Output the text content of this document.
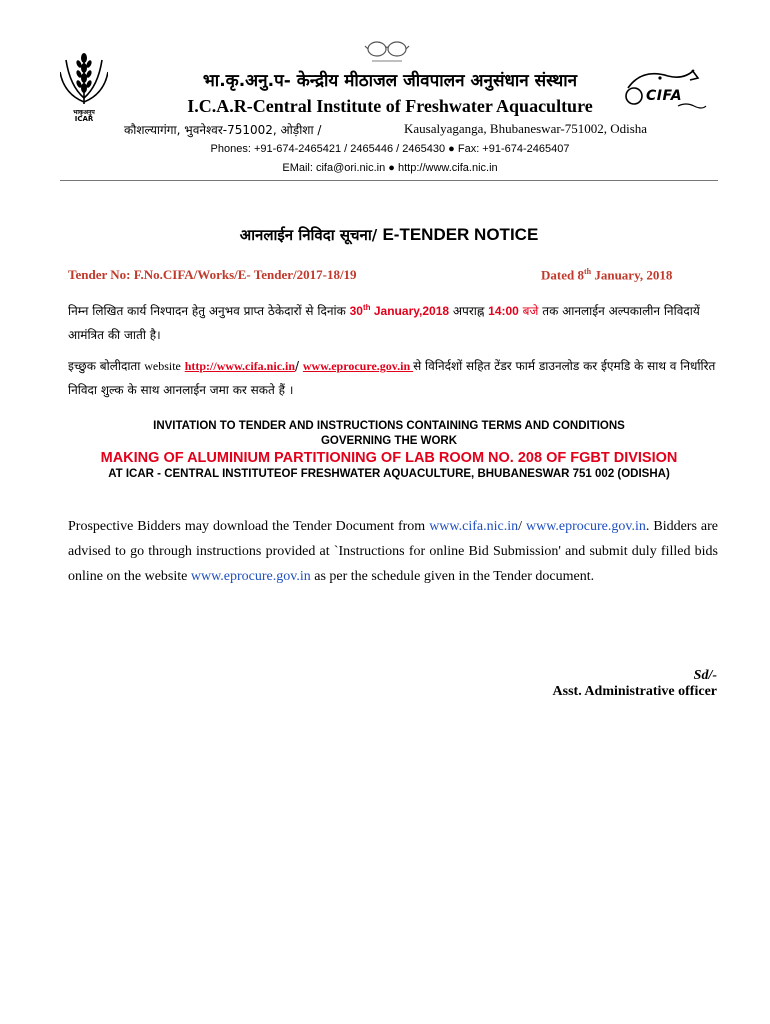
भाकृअनुप
ICAR
CIFA
भा.कृ.अनु.प- केन्द्रीय मीठाजल जीवपालन अनुसंधान संस्थान
I.C.A.R-Central Institute of Freshwater Aquaculture
कौशल्यागंगा, भुवनेश्वर-751002, ओड़ीशा /	Kausalyaganga, Bhubaneswar-751002, Odisha
Phones: +91-674-2465421 / 2465446 / 2465430 ● Fax: +91-674-2465407
EMail: cifa@ori.nic.in ● http://www.cifa.nic.in
आनलाईन निविदा सूचना/ E-TENDER NOTICE
Tender No: F.No.CIFA/Works/E- Tender/2017-18/19	Dated 8th January, 2018
निम्न लिखित कार्य निश्पादन हेतु अनुभव प्राप्त ठेकेदारों से दिनांक 30th January,2018 अपराह्न 14:00 बजे तक आनलाईन अल्पकालीन निविदायें आमंत्रित की जाती है।
इच्छुक बोलीदाता website http://www.cifa.nic.in/ www.eprocure.gov.in से विनिर्दशों सहित टेंडर फार्म डाउनलोड कर ईएमडि के साथ व निर्धारित निविदा शुल्क के साथ आनलाईन जमा कर सकते हैं ।
INVITATION TO TENDER AND INSTRUCTIONS CONTAINING TERMS AND CONDITIONS
GOVERNING THE WORK
MAKING OF ALUMINIUM PARTITIONING OF LAB ROOM NO. 208 OF FGBT DIVISION
AT ICAR - CENTRAL INSTITUTEOF FRESHWATER AQUACULTURE, BHUBANESWAR 751 002 (ODISHA)
Prospective Bidders may download the Tender Document from www.cifa.nic.in/ www.eprocure.gov.in. Bidders are advised to go through instructions provided at `Instructions for online Bid Submission' and submit duly filled bids online on the website www.eprocure.gov.in as per the schedule given in the Tender document.
Sd/-
Asst. Administrative officer
